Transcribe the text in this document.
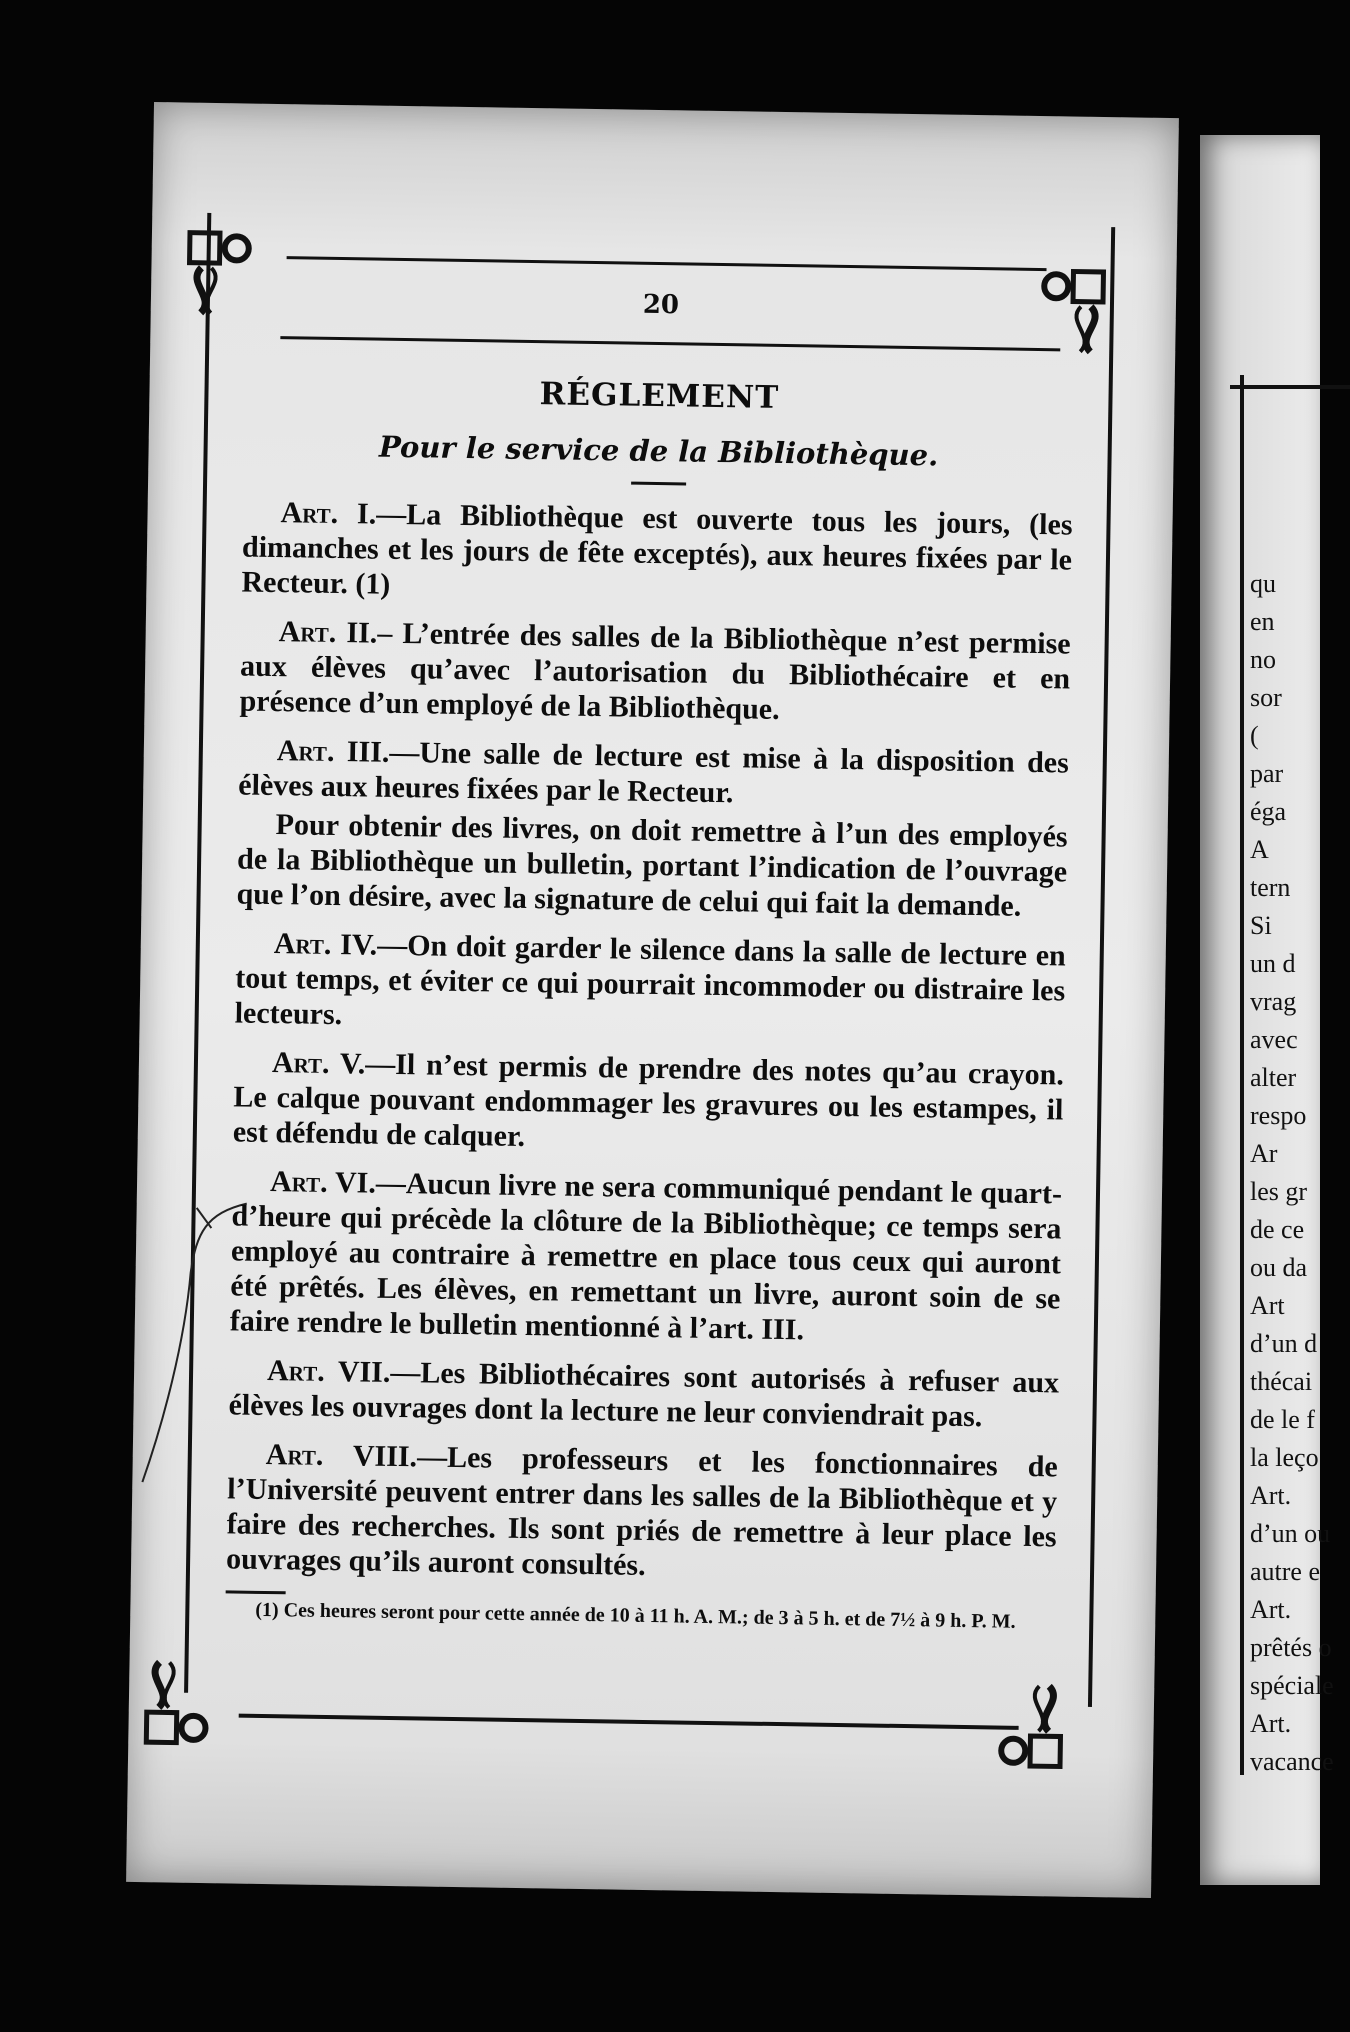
qu
en
no
sor
(
par
éga
A
tern
Si
un d
vrag
avec
alter
respo
Ar
les gr
de ce
ou da
Art
d’un d
thécai
de le f
la leço
Art.
d’un ou
autre e
Art.
prêtés o
spéciale
Art.
vacance
20
RÉGLEMENT
Pour le service de la Bibliothèque.

Art. I.—La Bibliothèque est ouverte tous les jours, (les dimanches et les jours de fête exceptés), aux heures fixées par le Recteur. (1)

Art. II.– L’entrée des salles de la Bibliothèque n’est permise aux élèves qu’avec l’autorisation du Bibliothécaire et en présence d’un employé de la Bibliothèque.

Art. III.—Une salle de lecture est mise à la disposition des élèves aux heures fixées par le Recteur.

Pour obtenir des livres, on doit remettre à l’un des employés de la Bibliothèque un bulletin, portant l’indication de l’ouvrage que l’on désire, avec la signature de celui qui fait la demande.

Art. IV.—On doit garder le silence dans la salle de lecture en tout temps, et éviter ce qui pourrait incommoder ou distraire les lecteurs.

Art. V.—Il n’est permis de prendre des notes qu’au crayon. Le calque pouvant endommager les gravures ou les estampes, il est défendu de calquer.

Art. VI.—Aucun livre ne sera communiqué pendant le quart-d’heure qui précède la clôture de la Bibliothèque; ce temps sera employé au contraire à remettre en place tous ceux qui auront été prêtés. Les élèves, en remettant un livre, auront soin de se faire rendre le bulletin mentionné à l’art. III.

Art. VII.—Les Bibliothécaires sont autorisés à refuser aux élèves les ouvrages dont la lecture ne leur conviendrait pas.

Art. VIII.—Les professeurs et les fonctionnaires de l’Université peuvent entrer dans les salles de la Bibliothèque et y faire des recherches. Ils sont priés de remettre à leur place les ouvrages qu’ils auront consultés.

(1) Ces heures seront pour cette année de 10 à 11 h. A. M.; de 3 à 5 h. et de 7½ à 9 h. P. M.
